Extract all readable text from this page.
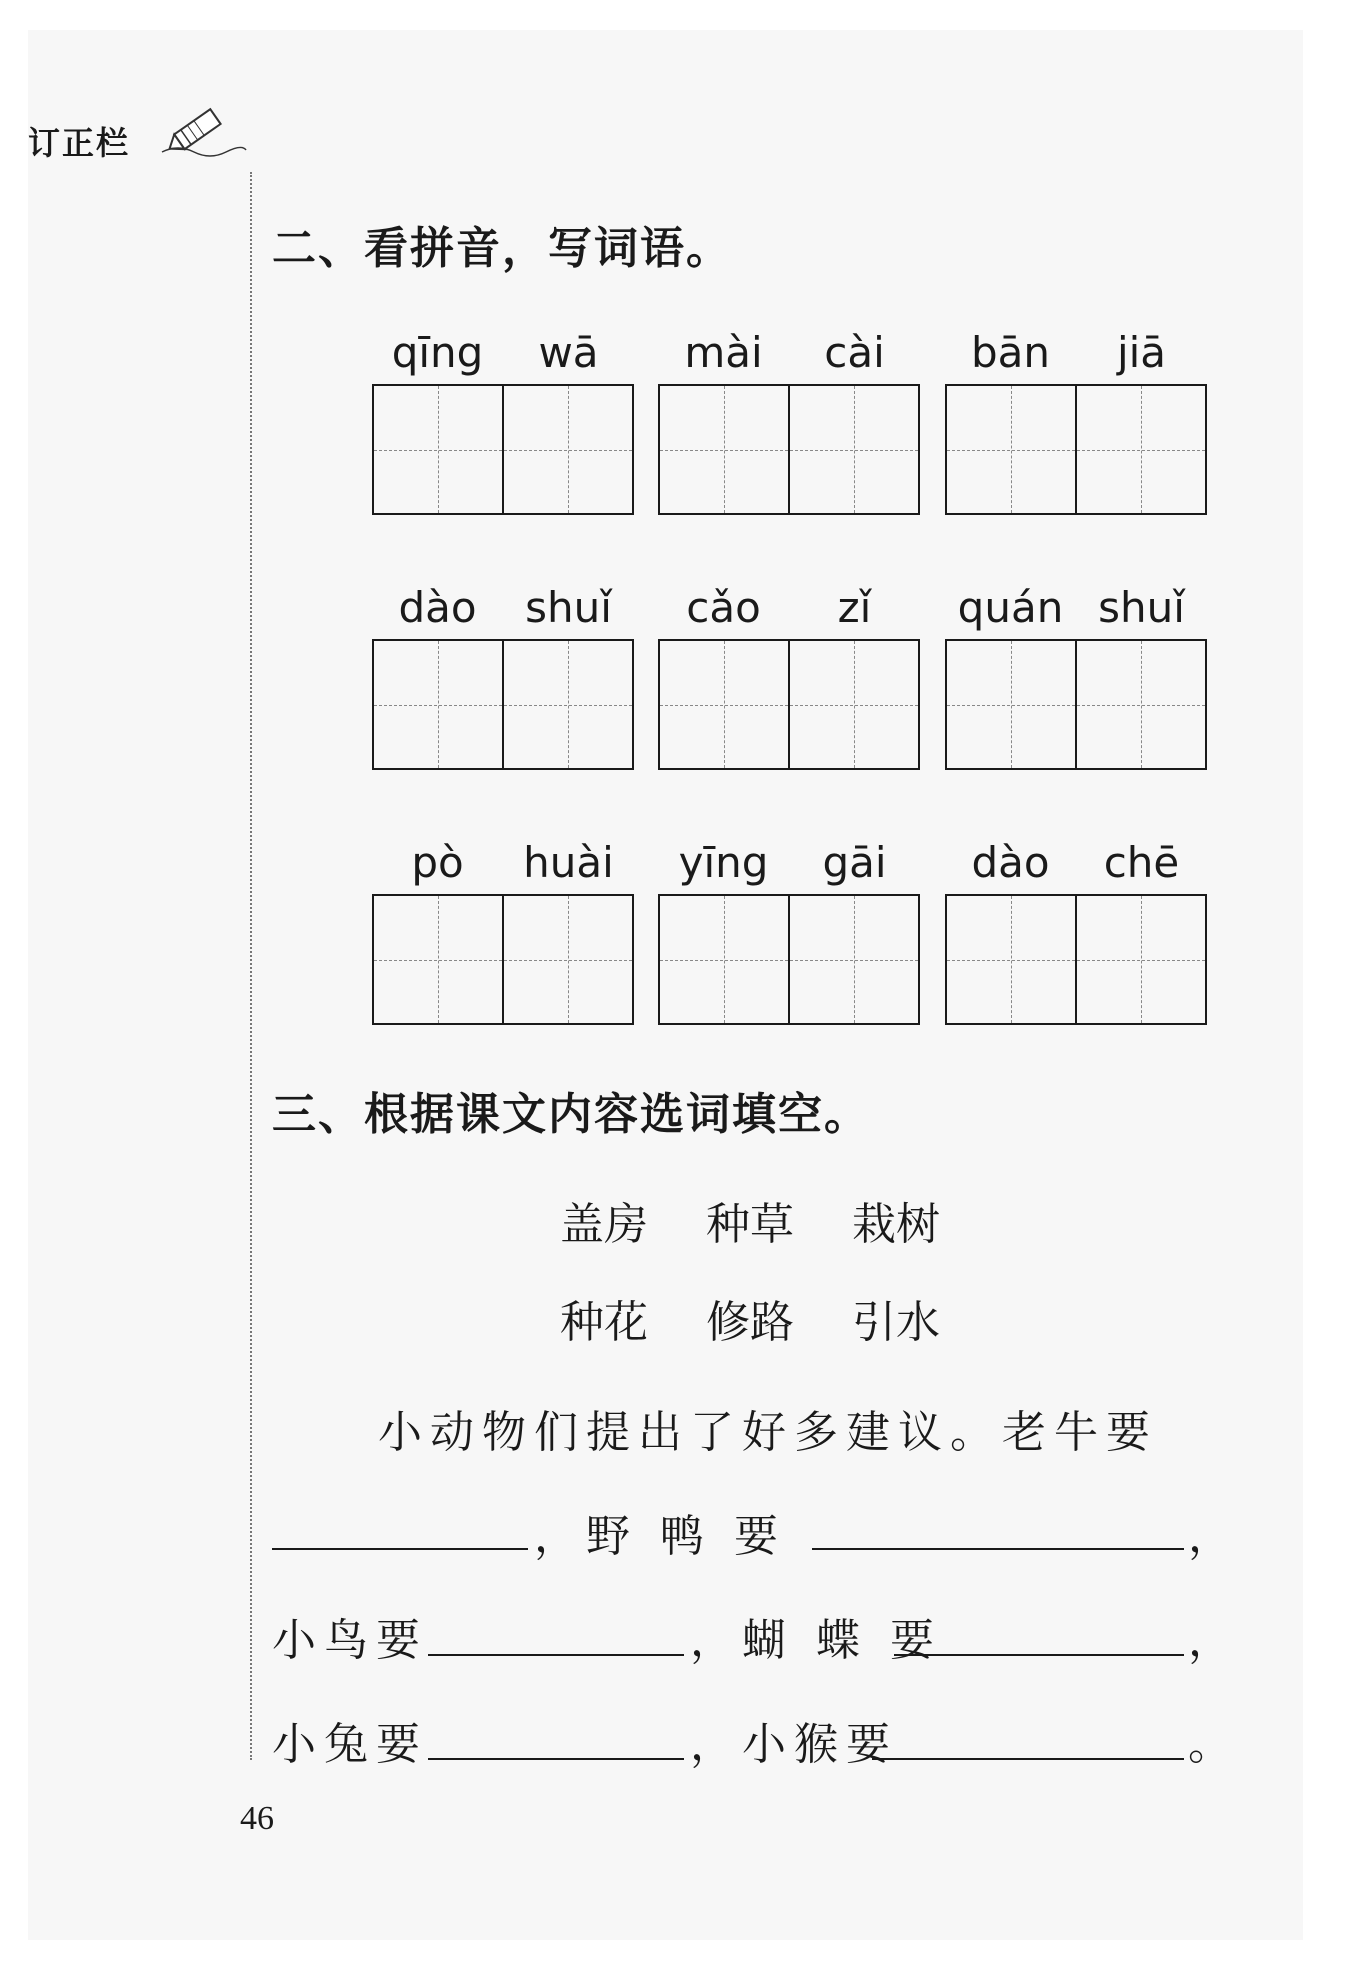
订正栏
二、看拼音，写词语。
qīng	wā	mài	cài	bān	jiā
dào	shuǐ	cǎo	zǐ	quán shuǐ
pò	huài	yīng	gāi	dào	chē
三、根据课文内容选词填空。
盖房 种草 栽树
种花 修路 引水
小动物们提出了好多建议。老牛要
，野 鸭 要	，
小鸟要	，蝴 蝶 要	，
小兔要	，小猴要	。
46
